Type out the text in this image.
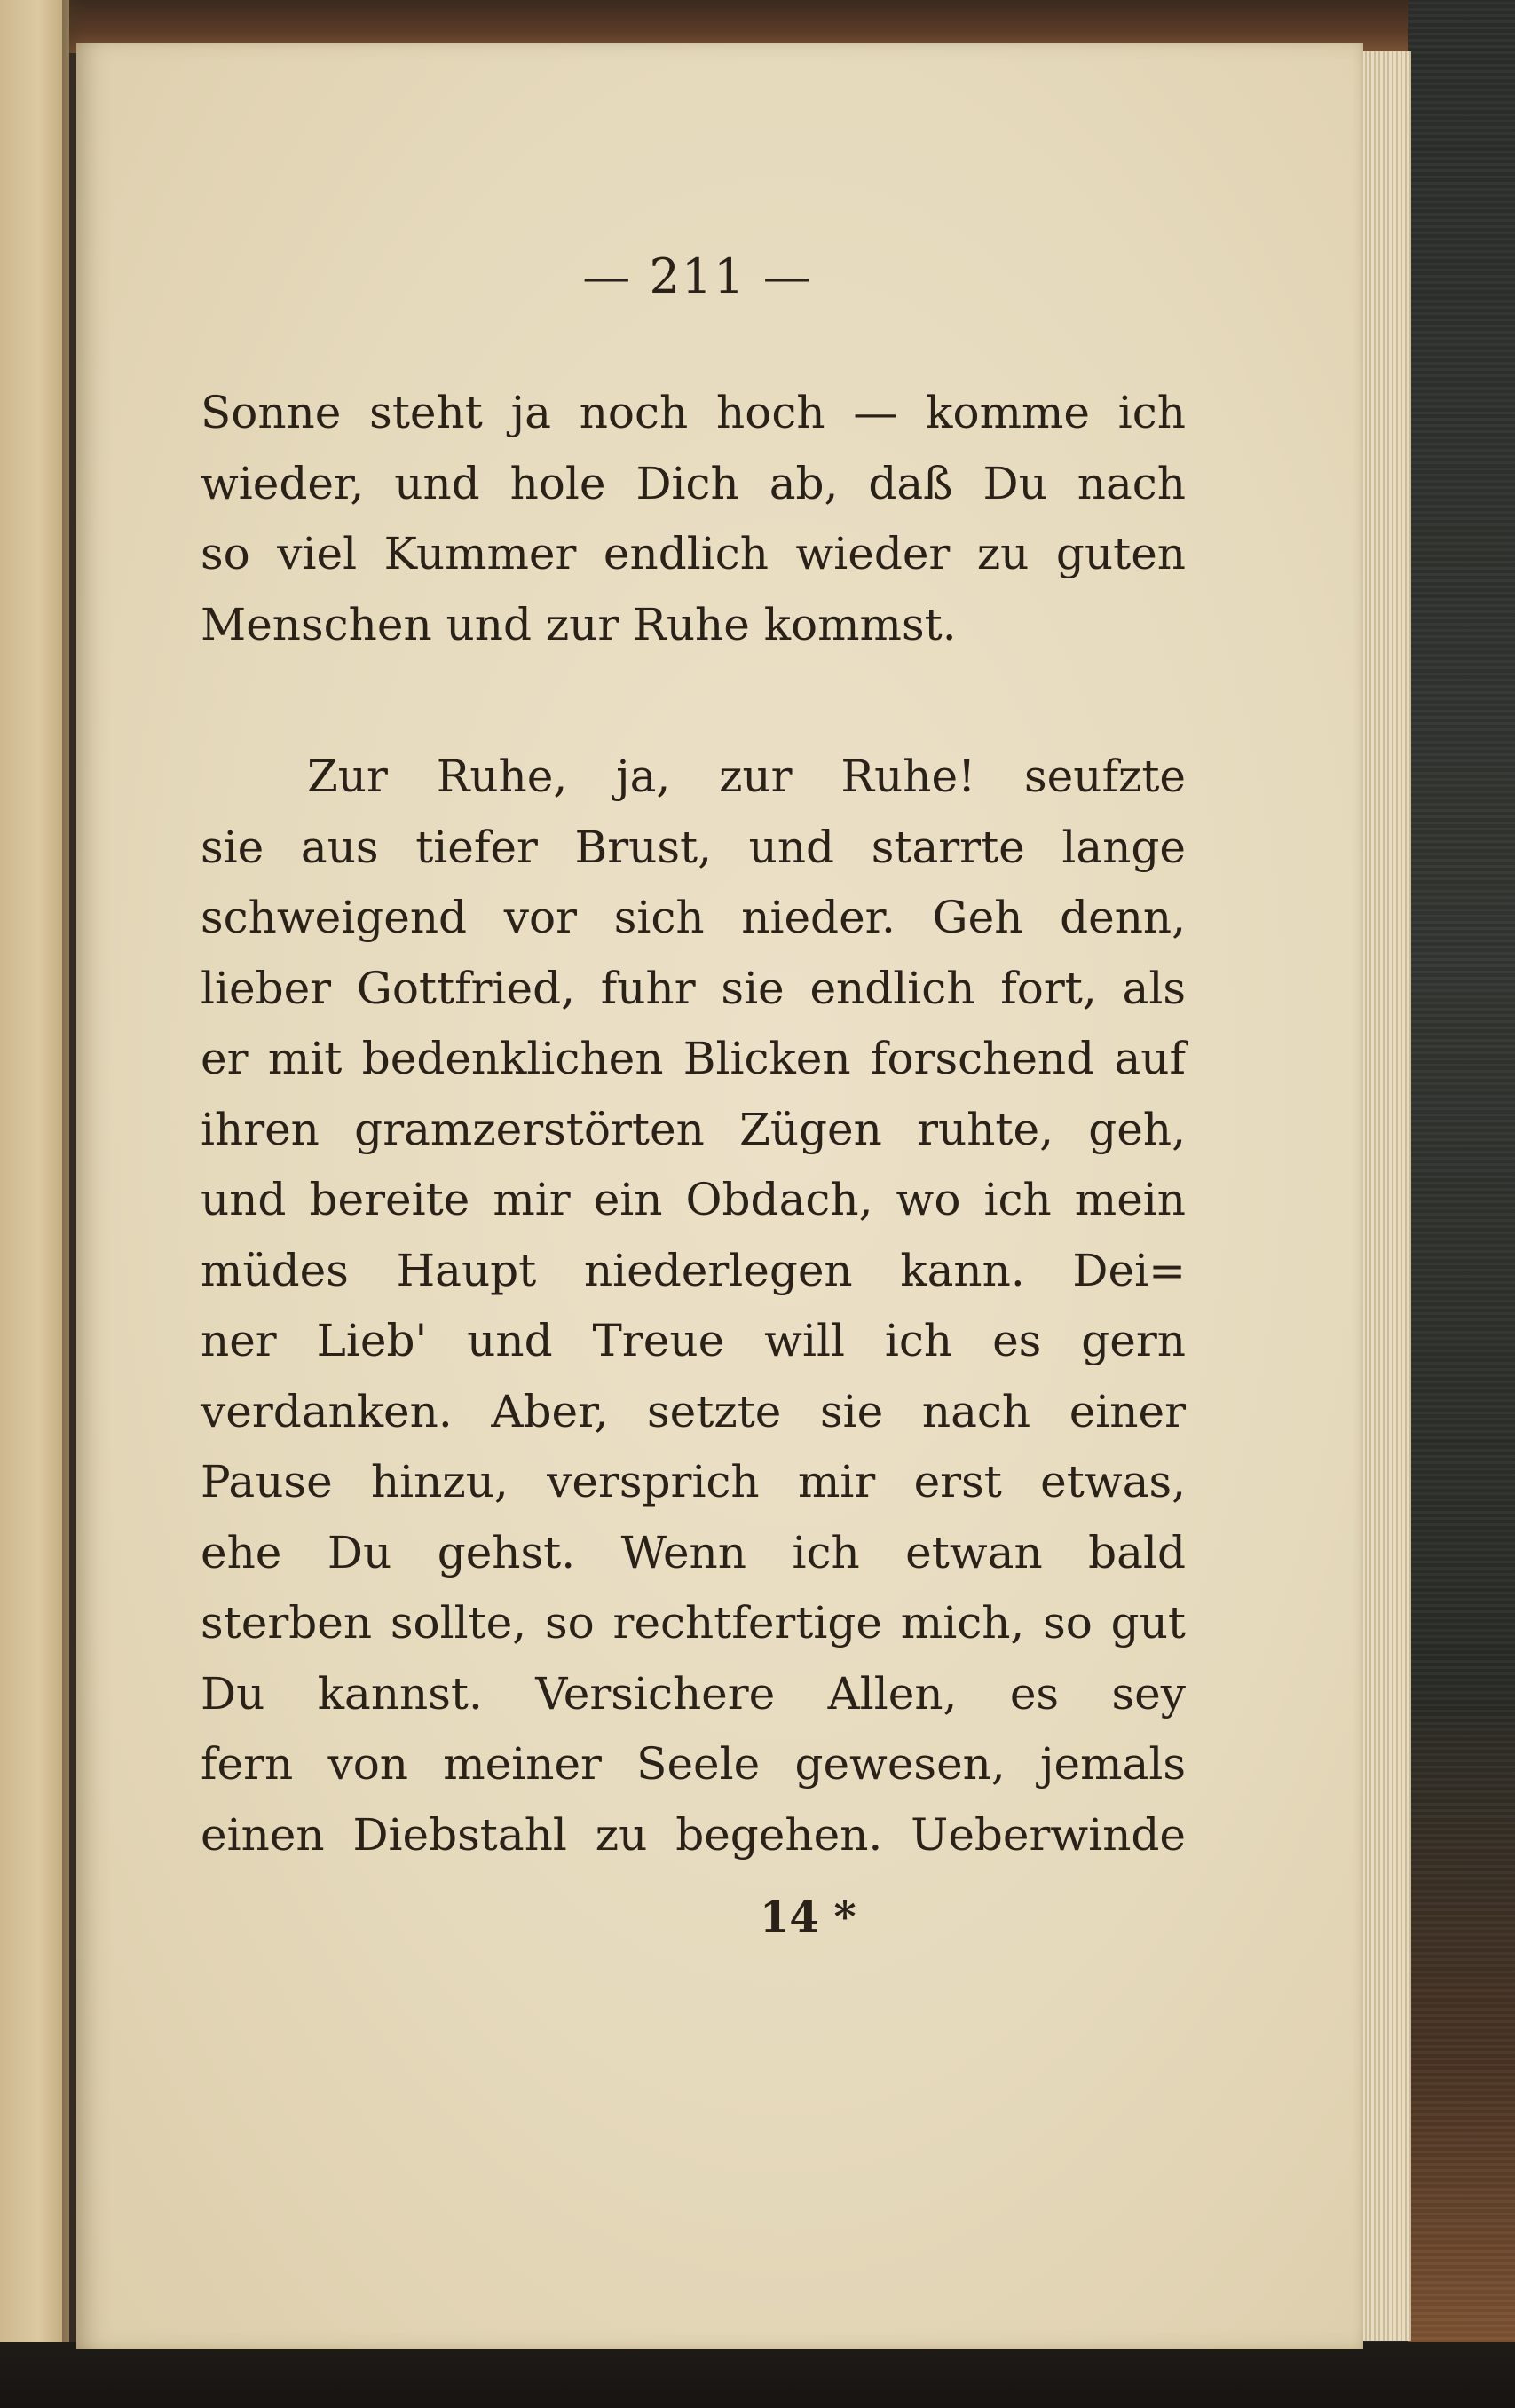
— 211 —
Sonne steht ja noch hoch — komme ich
wieder, und hole Dich ab, daß Du nach
so viel Kummer endlich wieder zu guten
Menschen und zur Ruhe kommst.
Zur Ruhe, ja, zur Ruhe! seufzte
sie aus tiefer Brust, und starrte lange
schweigend vor sich nieder. Geh denn,
lieber Gottfried, fuhr sie endlich fort, als
er mit bedenklichen Blicken forschend auf
ihren gramzerstörten Zügen ruhte, geh,
und bereite mir ein Obdach, wo ich mein
müdes Haupt niederlegen kann. Dei=
ner Lieb' und Treue will ich es gern
verdanken. Aber, setzte sie nach einer
Pause hinzu, versprich mir erst etwas,
ehe Du gehst. Wenn ich etwan bald
sterben sollte, so rechtfertige mich, so gut
Du kannst. Versichere Allen, es sey
fern von meiner Seele gewesen, jemals
einen Diebstahl zu begehen. Ueberwinde
14 *
